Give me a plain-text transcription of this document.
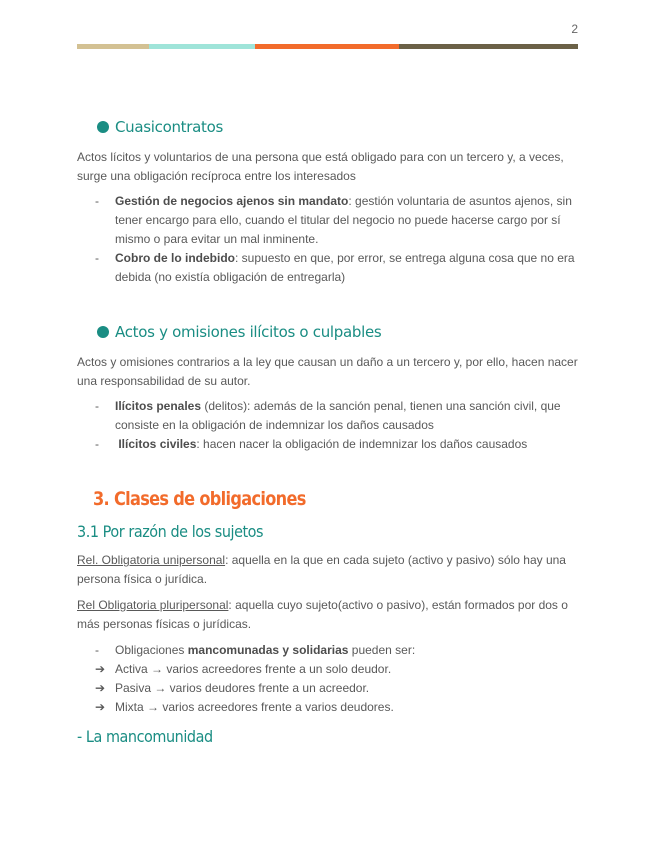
2
Cuasicontratos

Actos lícitos y voluntarios de una persona que está obligado para con un tercero y, a veces, surge una obligación recíproca entre los interesados

- Gestión de negocios ajenos sin mandato: gestión voluntaria de asuntos ajenos, sin tener encargo para ello, cuando el titular del negocio no puede hacerse cargo por sí mismo o para evitar un mal inminente.
- Cobro de lo indebido: supuesto en que, por error, se entrega alguna cosa que no era debida (no existía obligación de entregarla)
Actos y omisiones ilícitos o culpables

Actos y omisiones contrarios a la ley que causan un daño a un tercero y, por ello, hacen nacer una responsabilidad de su autor.

- Ilícitos penales (delitos): además de la sanción penal, tienen una sanción civil, que consiste en la obligación de indemnizar los daños causados
- Ilícitos civiles: hacen nacer la obligación de indemnizar los daños causados
3. Clases de obligaciones
3.1 Por razón de los sujetos

Rel. Obligatoria unipersonal: aquella en la que en cada sujeto (activo y pasivo) sólo hay una persona física o jurídica.

Rel Obligatoria pluripersonal: aquella cuyo sujeto(activo o pasivo), están formados por dos o más personas físicas o jurídicas.

- Obligaciones mancomunadas y solidarias pueden ser:
➔ Activa → varios acreedores frente a un solo deudor.
➔ Pasiva → varios deudores frente a un acreedor.
➔ Mixta → varios acreedores frente a varios deudores.
- La mancomunidad
